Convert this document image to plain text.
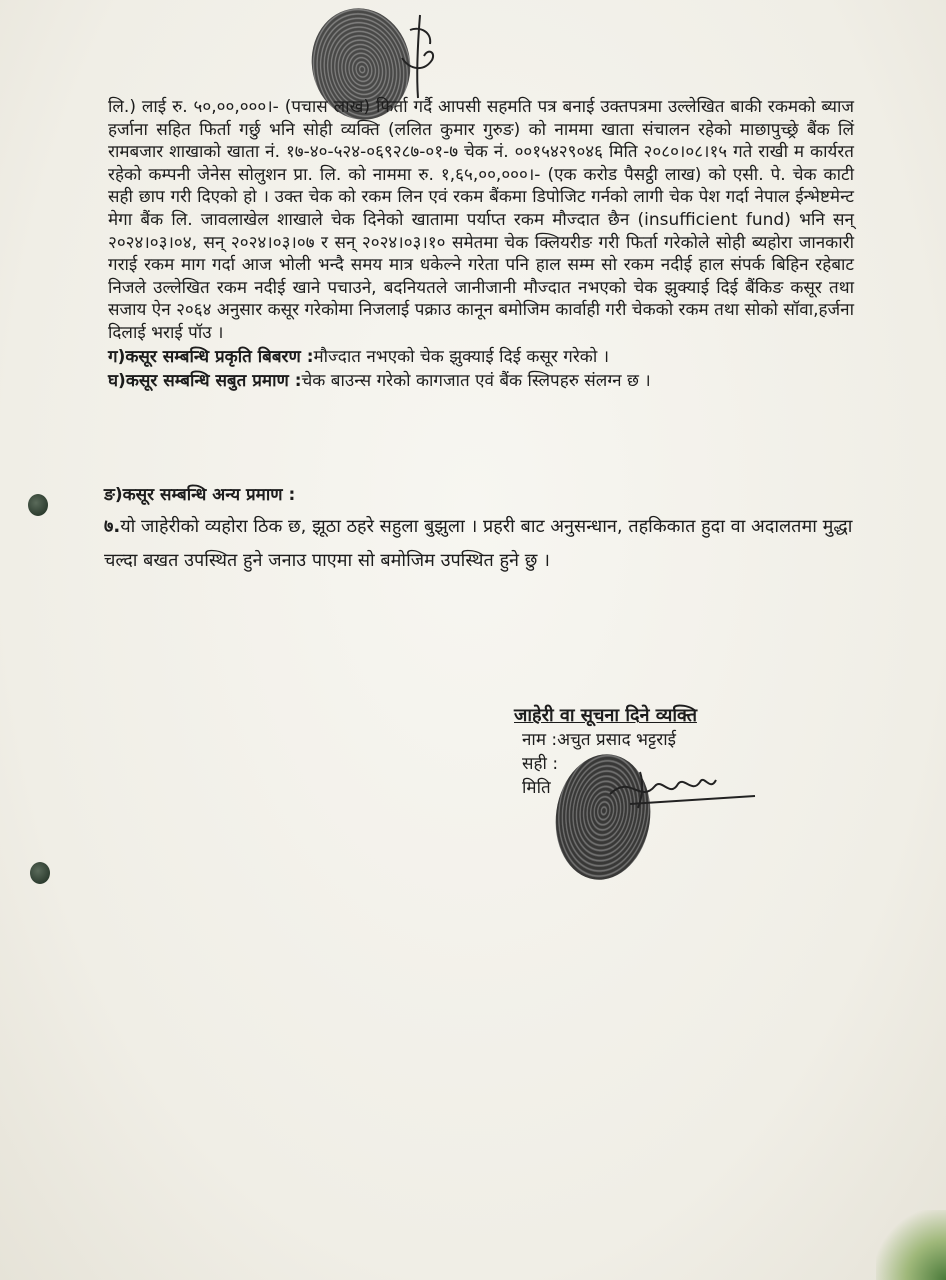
लि.) लाई रु. ५०,००,०००।- (पचास लाख) फिर्ता गर्दै आपसी सहमति पत्र बनाई उक्तपत्रमा उल्लेखित बाकी रकमको ब्याज हर्जाना सहित फिर्ता गर्छु भनि सोही व्यक्ति (ललित कुमार गुरुङ) को नाममा खाता संचालन रहेको माछापुच्छ्रे बैंक लिं रामबजार शाखाको खाता नं. १७-४०-५२४-०६९२८७-०१-७ चेक नं. ००१५४२९०४६ मिति २०८०।०८।१५ गते राखी म कार्यरत रहेको कम्पनी जेनेस सोलुशन प्रा. लि. को नाममा रु. १,६५,००,०००।- (एक करोड पैसट्ठी लाख) को एसी. पे. चेक काटी सही छाप गरी दिएको हो । उक्त चेक को रकम लिन एवं रकम बैंकमा डिपोजिट गर्नको लागी चेक पेश गर्दा नेपाल ईन्भेष्टमेन्ट मेगा बैंक लि. जावलाखेल शाखाले चेक दिनेको खातामा पर्याप्त रकम मौज्दात छैन (insufficient fund) भनि सन् २०२४।०३।०४, सन् २०२४।०३।०७ र सन् २०२४।०३।१० समेतमा चेक क्लियरीङ गरी फिर्ता गरेकोले सोही ब्यहोरा जानकारी गराई रकम माग गर्दा आज भोली भन्दै समय मात्र धकेल्ने गरेता पनि हाल सम्म सो रकम नदीई हाल संपर्क बिहिन रहेबाट निजले उल्लेखित रकम नदीई खाने पचाउने, बदनियतले जानीजानी मौज्दात नभएको चेक झुक्याई दिई बैंकिङ कसूर तथा सजाय ऐन २०६४ अनुसार कसूर गरेकोमा निजलाई पक्राउ कानून बमोजिम कार्वाही गरी चेकको रकम तथा सोको सॉवा,हर्जना दिलाई भराई पॉउ ।

ग)कसूर सम्बन्धि प्रकृति बिबरण :मौज्दात नभएको चेक झुक्याई दिई कसूर गरेको ।

घ)कसूर सम्बन्धि सबुत प्रमाण :चेक बाउन्स गरेको कागजात एवं बैंक स्लिपहरु संलग्न छ ।

ङ)कसूर सम्बन्धि अन्य प्रमाण :
७.यो जाहेरीको व्यहोरा ठिक छ, झूठा ठहरे सहुला बुझुला । प्रहरी बाट अनुसन्धान, तहकिकात हुदा वा अदालतमा मुद्धा चल्दा बखत उपस्थित हुने जनाउ पाएमा सो बमोजिम उपस्थित हुने छु ।
जाहेरी वा सूचना दिने व्यक्ति
नाम :अचुत प्रसाद भट्टराई
सही :
मिति
